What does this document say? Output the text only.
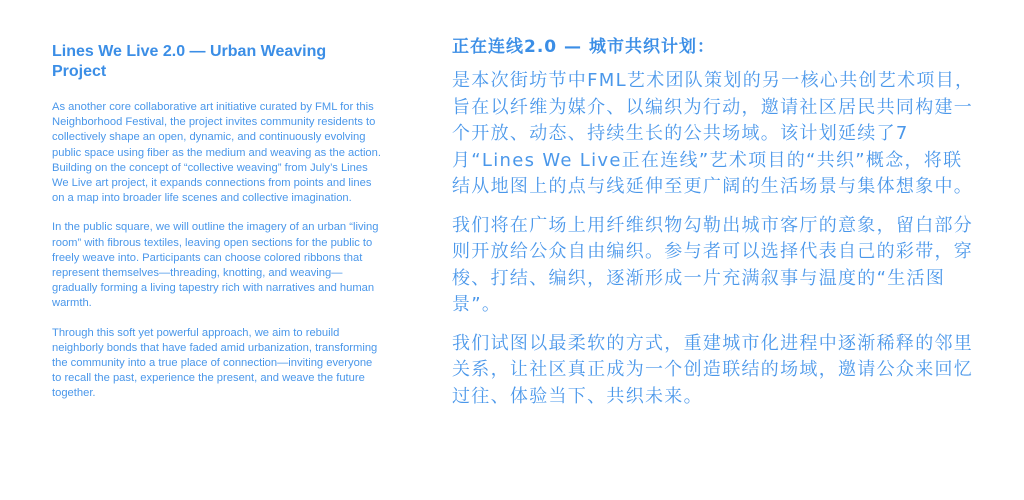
Lines We Live 2.0 — Urban Weaving Project

As another core collaborative art initiative curated by FML for this Neighborhood Festival, the project invites community residents to collectively shape an open, dynamic, and continuously evolving public space using fiber as the medium and weaving as the action. Building on the concept of “collective weaving” from July’s Lines We Live art project, it expands connections from points and lines on a map into broader life scenes and collective imagination.

In the public square, we will outline the imagery of an urban “living room” with fibrous textiles, leaving open sections for the public to freely weave into. Participants can choose colored ribbons that represent themselves—threading, knotting, and weaving—gradually forming a living tapestry rich with narratives and human warmth.

Through this soft yet powerful approach, we aim to rebuild neighborly bonds that have faded amid urbanization, transforming the community into a true place of connection—inviting everyone to recall the past, experience the present, and weave the future together.

正在连线2.0 — 城市共织计划：

是本次街坊节中FML艺术团队策划的另一核心共创艺术项目，旨在以纤维为媒介、以编织为行动，邀请社区居民共同构建一个开放、动态、持续生长的公共场域。该计划延续了7月“Lines We Live正在连线”艺术项目的“共织”概念，将联结从地图上的点与线延伸至更广阔的生活场景与集体想象中。

我们将在广场上用纤维织物勾勒出城市客厅的意象，留白部分则开放给公众自由编织。参与者可以选择代表自己的彩带，穿梭、打结、编织，逐渐形成一片充满叙事与温度的“生活图景”。

我们试图以最柔软的方式，重建城市化进程中逐渐稀释的邻里关系，让社区真正成为一个创造联结的场域，邀请公众来回忆过往、体验当下、共织未来。
